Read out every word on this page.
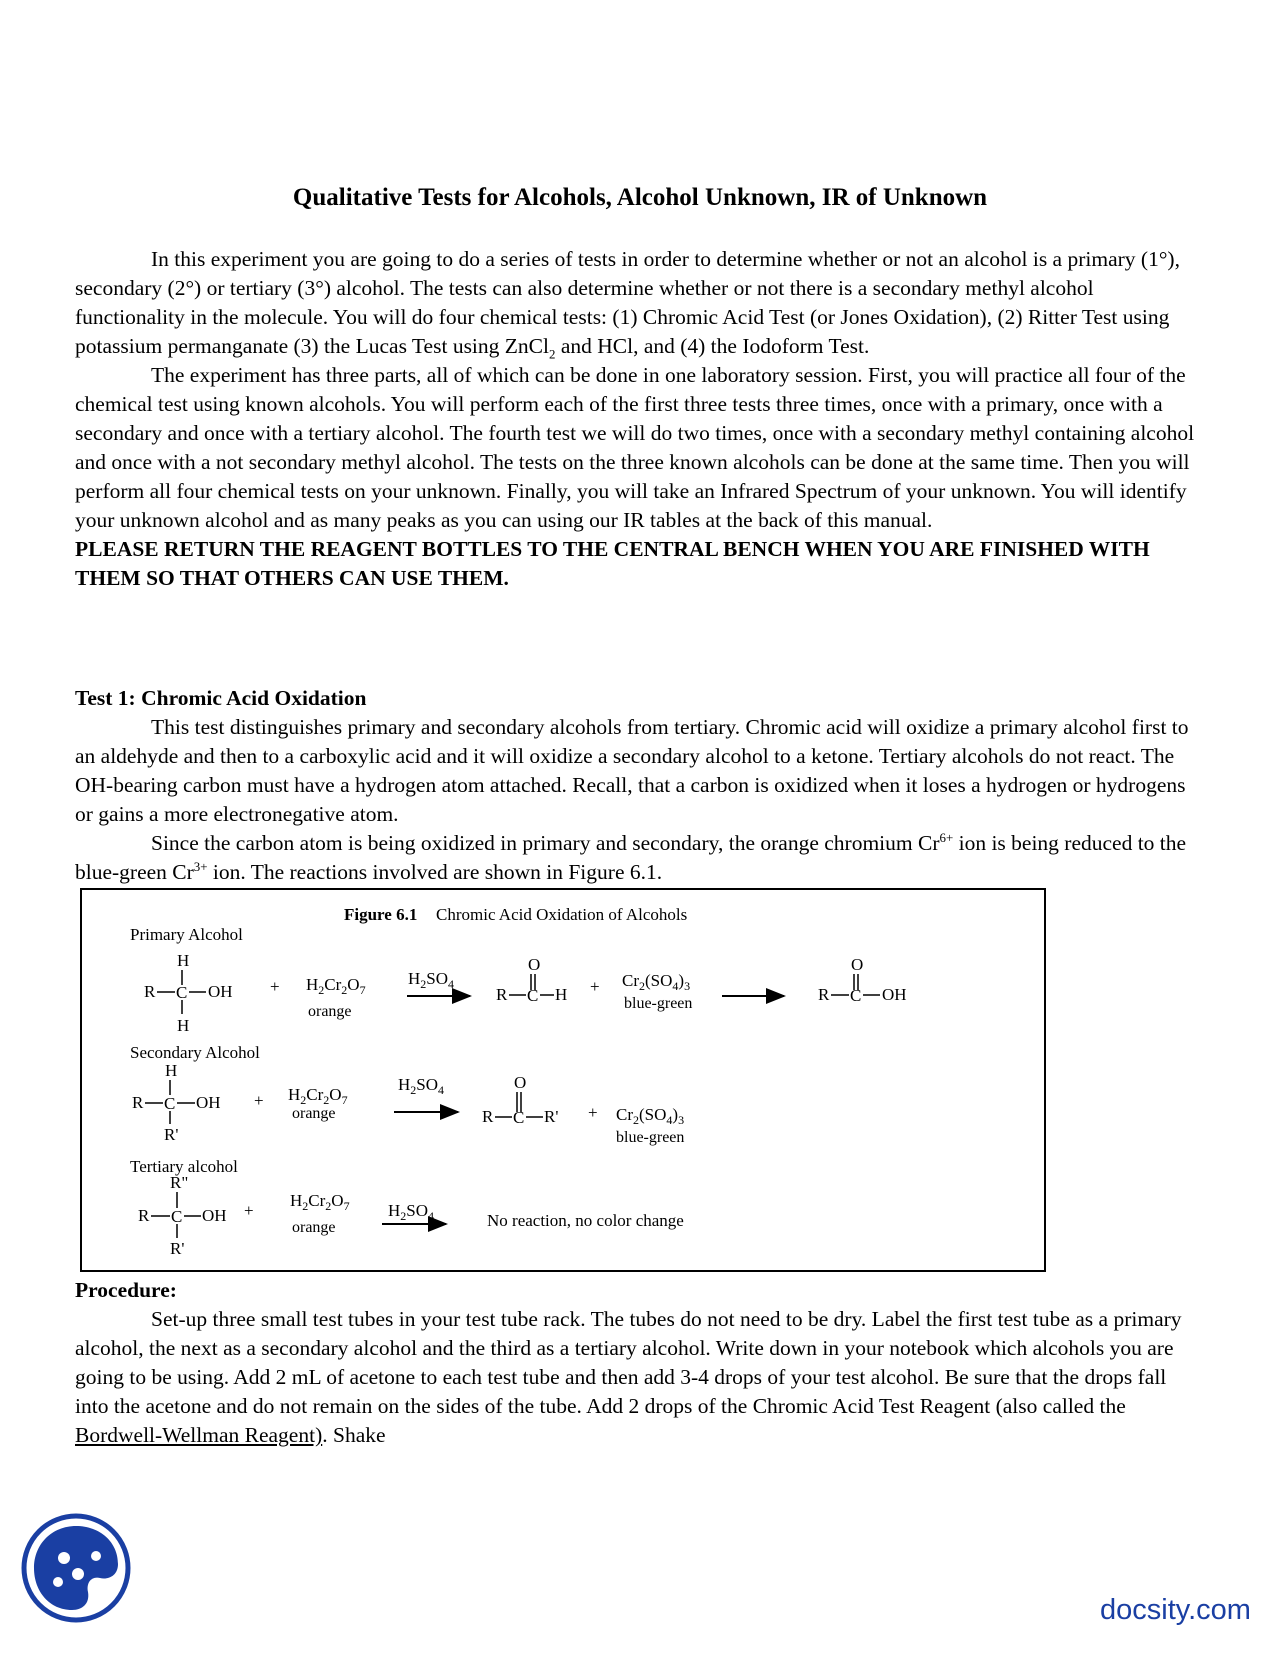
Qualitative Tests for Alcohols, Alcohol Unknown, IR of Unknown

In this experiment you are going to do a series of tests in order to determine whether or not an alcohol is a primary (1°), secondary (2°) or tertiary (3°) alcohol. The tests can also determine whether or not there is a secondary methyl alcohol functionality in the molecule. You will do four chemical tests: (1) Chromic Acid Test (or Jones Oxidation), (2) Ritter Test using potassium permanganate (3) the Lucas Test using ZnCl$_2$ and HCl, and (4) the Iodoform Test.

The experiment has three parts, all of which can be done in one laboratory session. First, you will practice all four of the chemical test using known alcohols. You will perform each of the first three tests three times, once with a primary, once with a secondary and once with a tertiary alcohol. The fourth test we will do two times, once with a secondary methyl containing alcohol and once with a not secondary methyl alcohol. The tests on the three known alcohols can be done at the same time. Then you will perform all four chemical tests on your unknown. Finally, you will take an Infrared Spectrum of your unknown. You will identify your unknown alcohol and as many peaks as you can using our IR tables at the back of this manual.

PLEASE RETURN THE REAGENT BOTTLES TO THE CENTRAL BENCH WHEN YOU ARE FINISHED WITH THEM SO THAT OTHERS CAN USE THEM.

Test 1: Chromic Acid Oxidation

This test distinguishes primary and secondary alcohols from tertiary. Chromic acid will oxidize a primary alcohol first to an aldehyde and then to a carboxylic acid and it will oxidize a secondary alcohol to a ketone. Tertiary alcohols do not react. The OH-bearing carbon must have a hydrogen atom attached. Recall, that a carbon is oxidized when it loses a hydrogen or hydrogens or gains a more electronegative atom.

Since the carbon atom is being oxidized in primary and secondary, the orange chromium $Cr^{6+}$ ion is being reduced to the blue-green $Cr^{3+}$ ion. The reactions involved are shown in Figure 6.1.

Figure 6.1 Chromic Acid Oxidation of Alcohols
Primary Alcohol
H
R C OH
H
+ $H_2Cr_2O_7$
orange
$H_2SO_4$
O
R C $H + Cr_2(SO_4)_3$
blue-green
O
R C OH
Secondary Alcohol
H
R C OH
R'
+ $H_2Cr_2O_7$
orange
$H_2SO_4$	O
R C $R' + Cr_2(SO_4)_3$
blue-green
Tertiary alcohol
R"
R C OH
R'
+
$H_2Cr_2O_7$
orange
$H_2SO_4$	No reaction, no color change

Procedure:

Set-up three small test tubes in your test tube rack. The tubes do not need to be dry. Label the first test tube as a primary alcohol, the next as a secondary alcohol and the third as a tertiary alcohol. Write down in your notebook which alcohols you are going to be using. Add 2 mL of acetone to each test tube and then add 3-4 drops of your test alcohol. Be sure that the drops fall into the acetone and do not remain on the sides of the tube. Add 2 drops of the Chromic Acid Test Reagent (also called the Bordwell-Wellman Reagent). Shake

docsity.com
